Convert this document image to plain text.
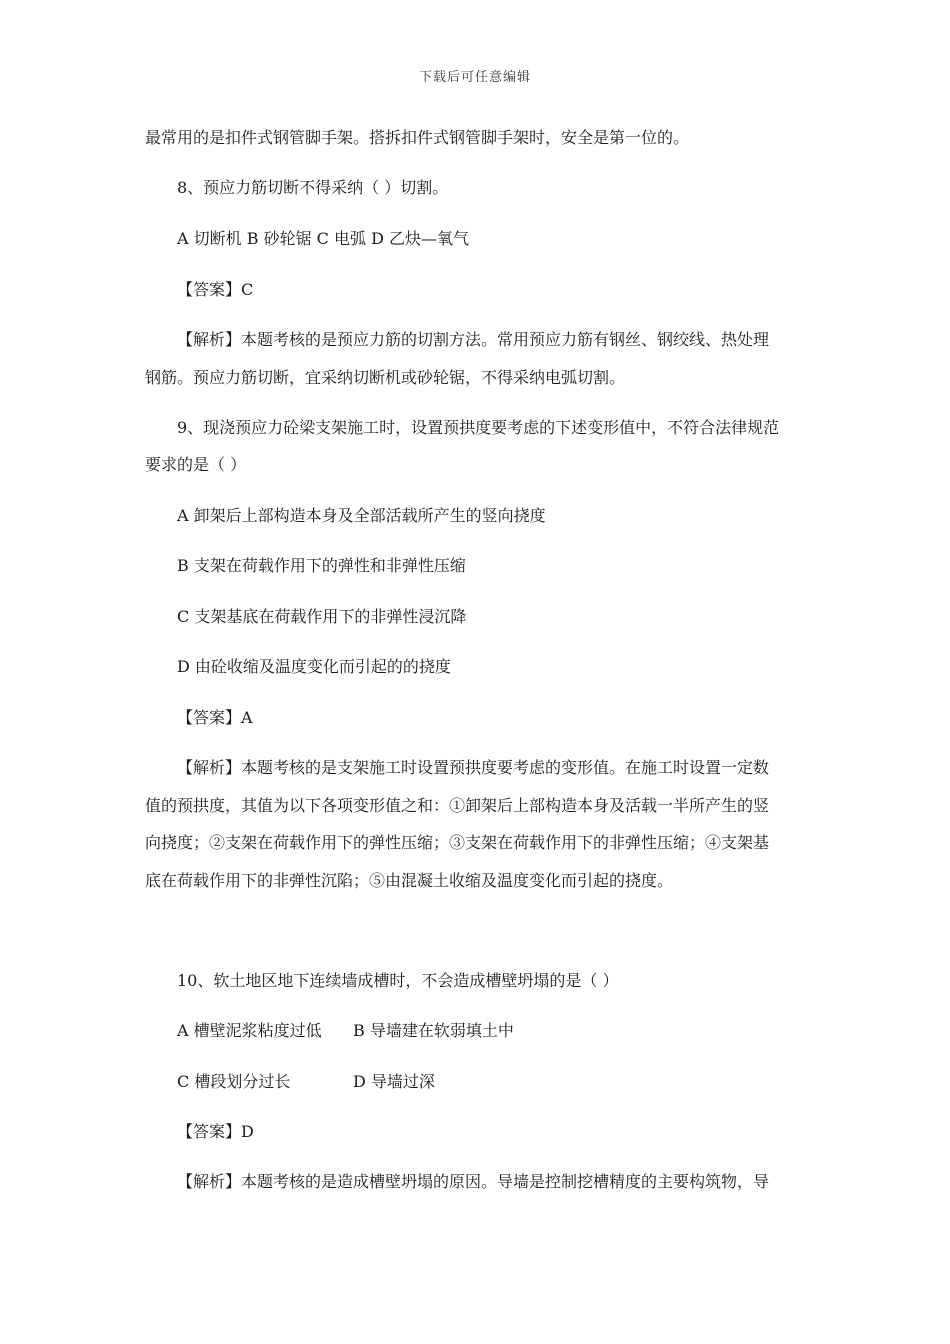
下载后可任意编辑
最常用的是扣件式钢管脚手架。搭拆扣件式钢管脚手架时，安全是第一位的。
8、预应力筋切断不得采纳（ ）切割。
A 切断机 B 砂轮锯 C 电弧 D 乙炔—氧气
【答案】C
【解析】本题考核的是预应力筋的切割方法。常用预应力筋有钢丝、钢绞线、热处理
钢筋。预应力筋切断，宜采纳切断机或砂轮锯，不得采纳电弧切割。
9、现浇预应力砼梁支架施工时，设置预拱度要考虑的下述变形值中，不符合法律规范
要求的是（ ）
A 卸架后上部构造本身及全部活载所产生的竖向挠度
B 支架在荷载作用下的弹性和非弹性压缩
C 支架基底在荷载作用下的非弹性浸沉降
D 由砼收缩及温度变化而引起的的挠度
【答案】A
【解析】本题考核的是支架施工时设置预拱度要考虑的变形值。在施工时设置一定数
值的预拱度，其值为以下各项变形值之和：①卸架后上部构造本身及活载一半所产生的竖
向挠度；②支架在荷载作用下的弹性压缩；③支架在荷载作用下的非弹性压缩；④支架基
底在荷载作用下的非弹性沉陷；⑤由混凝土收缩及温度变化而引起的挠度。
10、软土地区地下连续墙成槽时，不会造成槽壁坍塌的是（ ）
A 槽壁泥浆粘度过低 B 导墙建在软弱填土中
C 槽段划分过长	D 导墙过深
【答案】D
【解析】本题考核的是造成槽壁坍塌的原因。导墙是控制挖槽精度的主要构筑物，导
